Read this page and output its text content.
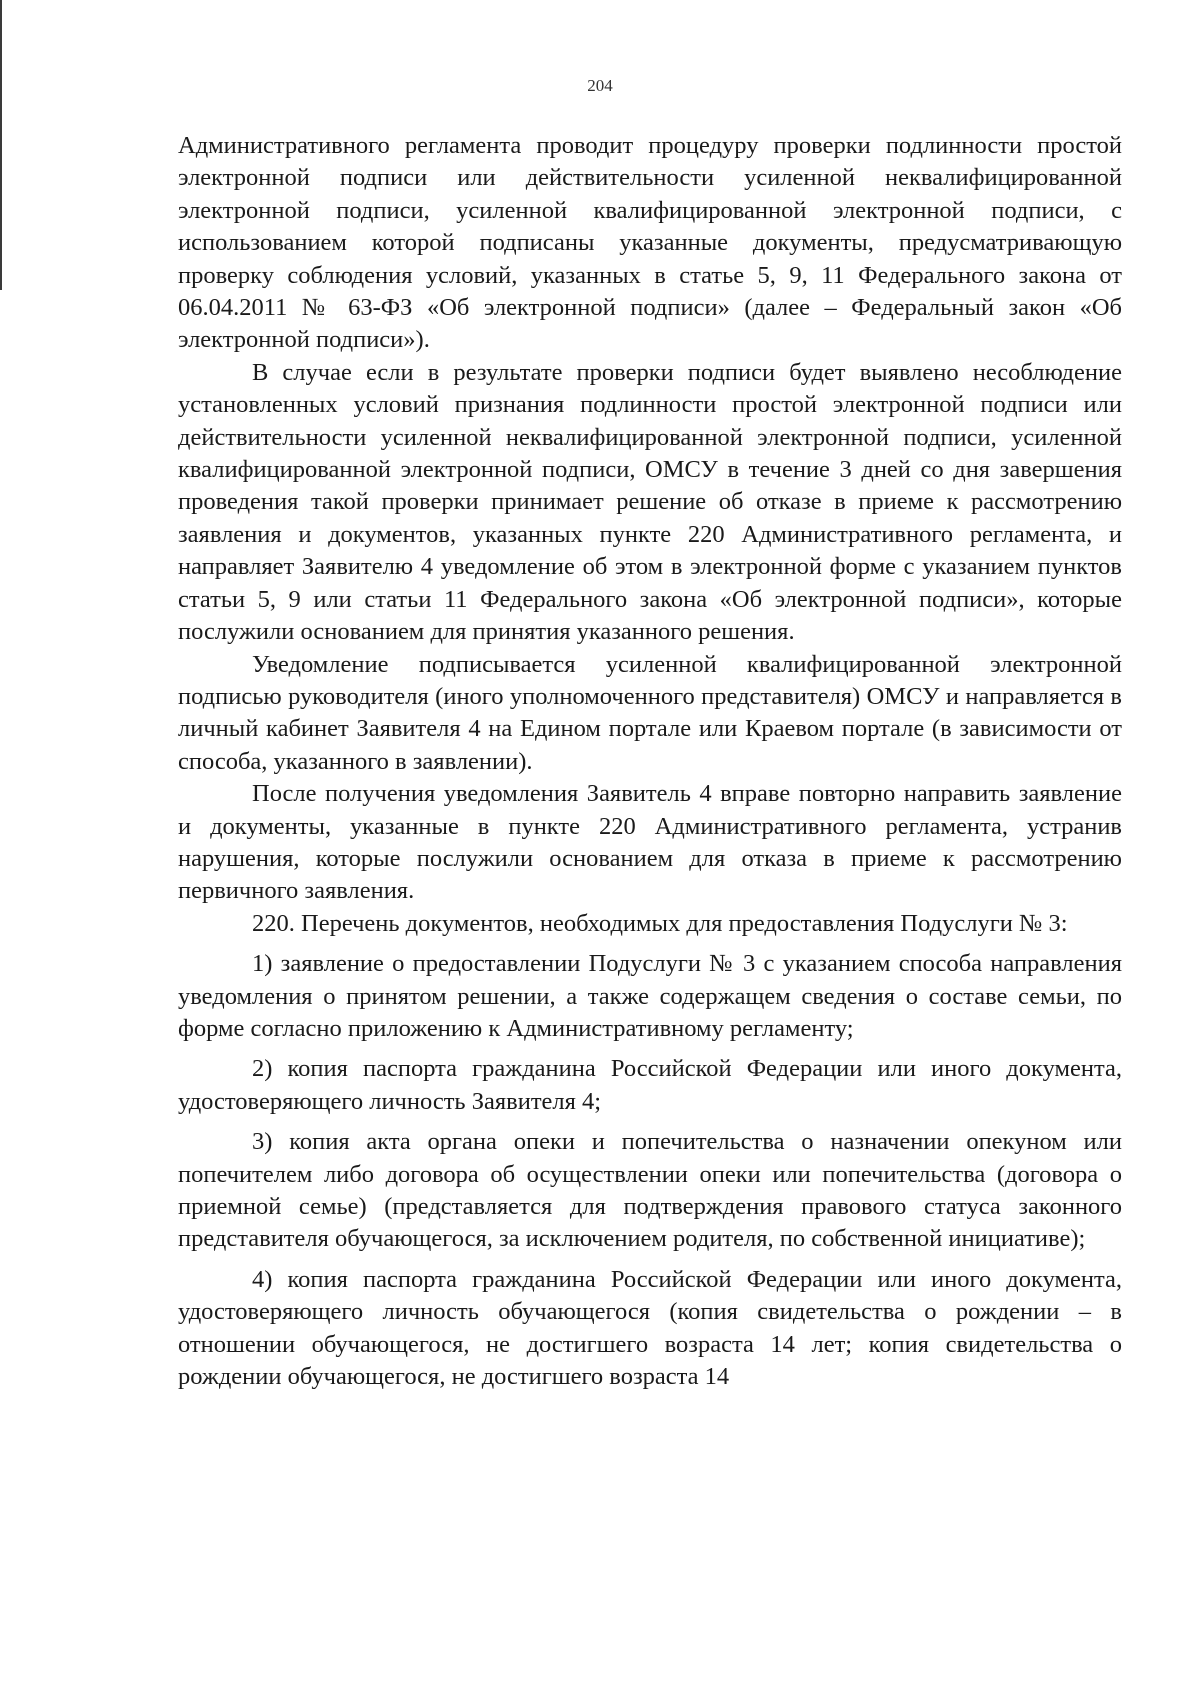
204

Административного регламента проводит процедуру проверки подлинности простой электронной подписи или действительности усиленной неквалифицированной электронной подписи, усиленной квалифицированной электронной подписи, с использованием которой подписаны указанные документы, предусматривающую проверку соблюдения условий, указанных в статье 5, 9, 11 Федерального закона от 06.04.2011 № 63-ФЗ «Об электронной подписи» (далее – Федеральный закон «Об электронной подписи»).

В случае если в результате проверки подписи будет выявлено несоблюдение установленных условий признания подлинности простой электронной подписи или действительности усиленной неквалифицированной электронной подписи, усиленной квалифицированной электронной подписи, ОМСУ в течение 3 дней со дня завершения проведения такой проверки принимает решение об отказе в приеме к рассмотрению заявления и документов, указанных пункте 220 Административного регламента, и направляет Заявителю 4 уведомление об этом в электронной форме с указанием пунктов статьи 5, 9 или статьи 11 Федерального закона «Об электронной подписи», которые послужили основанием для принятия указанного решения.

Уведомление подписывается усиленной квалифицированной электронной подписью руководителя (иного уполномоченного представителя) ОМСУ и направляется в личный кабинет Заявителя 4 на Едином портале или Краевом портале (в зависимости от способа, указанного в заявлении).

После получения уведомления Заявитель 4 вправе повторно направить заявление и документы, указанные в пункте 220 Административного регламента, устранив нарушения, которые послужили основанием для отказа в приеме к рассмотрению первичного заявления.

220. Перечень документов, необходимых для предоставления Подуслуги № 3:

1) заявление о предоставлении Подуслуги № 3 с указанием способа направления уведомления о принятом решении, а также содержащем сведения о составе семьи, по форме согласно приложению к Административному регламенту;

2) копия паспорта гражданина Российской Федерации или иного документа, удостоверяющего личность Заявителя 4;

3) копия акта органа опеки и попечительства о назначении опекуном или попечителем либо договора об осуществлении опеки или попечительства (договора о приемной семье) (представляется для подтверждения правового статуса законного представителя обучающегося, за исключением родителя, по собственной инициативе);

4) копия паспорта гражданина Российской Федерации или иного документа, удостоверяющего личность обучающегося (копия свидетельства о рождении – в отношении обучающегося, не достигшего возраста 14 лет; копия свидетельства о рождении обучающегося, не достигшего возраста 14
